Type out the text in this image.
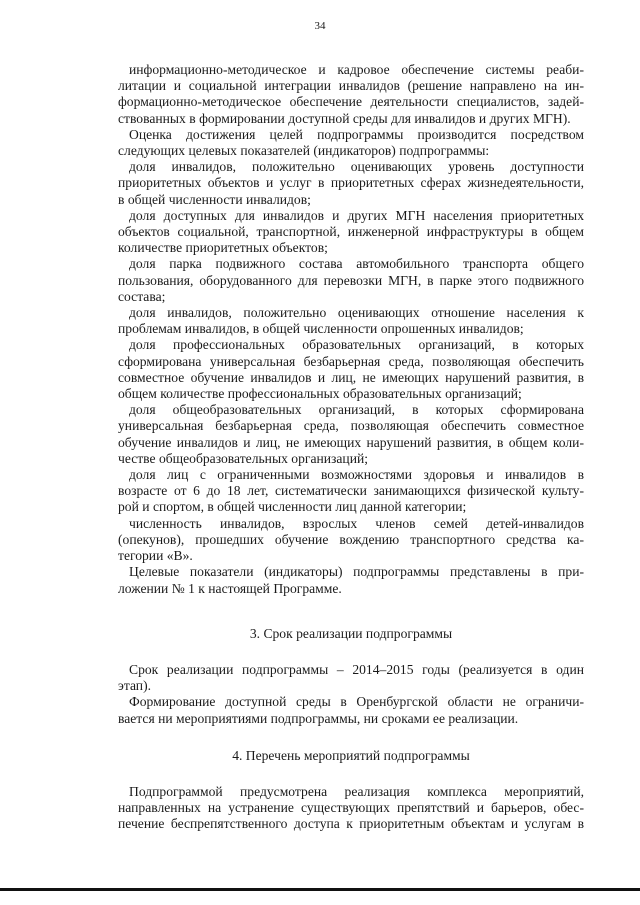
34
информационно-методическое и кадровое обеспечение системы реаби-
литации и социальной интеграции инвалидов (решение направлено на ин-
формационно-методическое обеспечение деятельности специалистов, задей-
ствованных в формировании доступной среды для инвалидов и других МГН).
Оценка достижения целей подпрограммы производится посредством
следующих целевых показателей (индикаторов) подпрограммы:
доля инвалидов, положительно оценивающих уровень доступности
приоритетных объектов и услуг в приоритетных сферах жизнедеятельности,
в общей численности инвалидов;
доля доступных для инвалидов и других МГН населения приоритетных
объектов социальной, транспортной, инженерной инфраструктуры в общем
количестве приоритетных объектов;
доля парка подвижного состава автомобильного транспорта общего
пользования, оборудованного для перевозки МГН, в парке этого подвижного
состава;
доля инвалидов, положительно оценивающих отношение населения к
проблемам инвалидов, в общей численности опрошенных инвалидов;
доля профессиональных образовательных организаций, в которых
сформирована универсальная безбарьерная среда, позволяющая обеспечить
совместное обучение инвалидов и лиц, не имеющих нарушений развития, в
общем количестве профессиональных образовательных организаций;
доля общеобразовательных организаций, в которых сформирована
универсальная безбарьерная среда, позволяющая обеспечить совместное
обучение инвалидов и лиц, не имеющих нарушений развития, в общем коли-
честве общеобразовательных организаций;
доля лиц с ограниченными возможностями здоровья и инвалидов в
возрасте от 6 до 18 лет, систематически занимающихся физической культу-
рой и спортом, в общей численности лиц данной категории;
численность инвалидов, взрослых членов семей детей-инвалидов
(опекунов), прошедших обучение вождению транспортного средства ка-
тегории «В».
Целевые показатели (индикаторы) подпрограммы представлены в при-
ложении № 1 к настоящей Программе.
3. Срок реализации подпрограммы
Срок реализации подпрограммы – 2014–2015 годы (реализуется в один
этап).
Формирование доступной среды в Оренбургской области не ограничи-
вается ни мероприятиями подпрограммы, ни сроками ее реализации.
4. Перечень мероприятий подпрограммы
Подпрограммой предусмотрена реализация комплекса мероприятий,
направленных на устранение существующих препятствий и барьеров, обес-
печение беспрепятственного доступа к приоритетным объектам и услугам в
